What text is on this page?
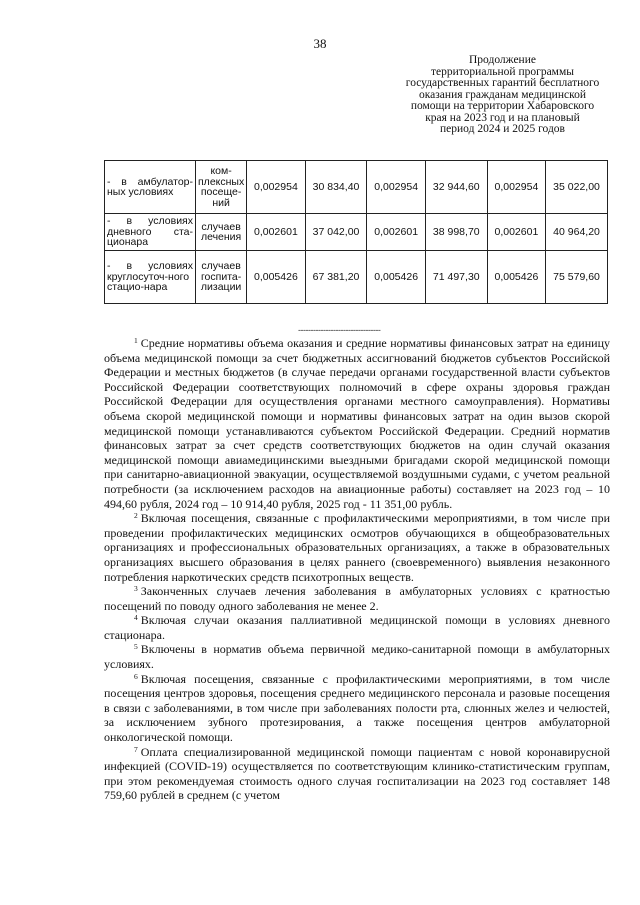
38
Продолжение
территориальной программы
государственных гарантий бесплатного
оказания гражданам медицинской
помощи на территории Хабаровского
края на 2023 год и на плановый
период 2024 и 2025 годов
- в амбулатор-ных условиях	ком-плексных посеще-ний	0,002954	30 834,40	0,002954	32 944,60	0,002954	35 022,00
- в условиях дневного ста-ционара	случаев лечения	0,002601	37 042,00	0,002601	38 998,70	0,002601	40 964,20
- в условиях круглосуточ-ного стацио-нара	случаев госпита-лизации	0,005426	67 381,20	0,005426	71 497,30	0,005426	75 579,60
---------------------------------

$^1$ Средние нормативы объема оказания и средние нормативы финансовых затрат на единицу объема медицинской помощи за счет бюджетных ассигнований бюджетов субъектов Российской Федерации и местных бюджетов (в случае передачи органами государственной власти субъектов Российской Федерации соответствующих полномочий в сфере охраны здоровья граждан Российской Федерации для осуществления органами местного самоуправления). Нормативы объема скорой медицинской помощи и нормативы финансовых затрат на один вызов скорой медицинской помощи устанавливаются субъектом Российской Федерации. Средний норматив финансовых затрат за счет средств соответствующих бюджетов на один случай оказания медицинской помощи авиамедицинскими выездными бригадами скорой медицинской помощи при санитарно-авиационной эвакуации, осуществляемой воздушными судами, с учетом реальной потребности (за исключением расходов на авиационные работы) составляет на 2023 год – 10 494,60 рубля, 2024 год – 10 914,40 рубля, 2025 год - 11 351,00 рубль.

$^2$ Включая посещения, связанные с профилактическими мероприятиями, в том числе при проведении профилактических медицинских осмотров обучающихся в общеобразовательных организациях и профессиональных образовательных организациях, а также в образовательных организациях высшего образования в целях раннего (своевременного) выявления незаконного потребления наркотических средств психотропных веществ.

$^3$ Законченных случаев лечения заболевания в амбулаторных условиях с кратностью посещений по поводу одного заболевания не менее 2.

$^4$ Включая случаи оказания паллиативной медицинской помощи в условиях дневного стационара.

$^5$ Включены в норматив объема первичной медико-санитарной помощи в амбулаторных условиях.

$^6$ Включая посещения, связанные с профилактическими мероприятиями, в том числе посещения центров здоровья, посещения среднего медицинского персонала и разовые посещения в связи с заболеваниями, в том числе при заболеваниях полости рта, слюнных желез и челюстей, за исключением зубного протезирования, а также посещения центров амбулаторной онкологической помощи.

$^7$ Оплата специализированной медицинской помощи пациентам с новой коронавирусной инфекцией (COVID-19) осуществляется по соответствующим клинико-статистическим группам, при этом рекомендуемая стоимость одного случая госпитализации на 2023 год составляет 148 759,60 рублей в среднем (с учетом
